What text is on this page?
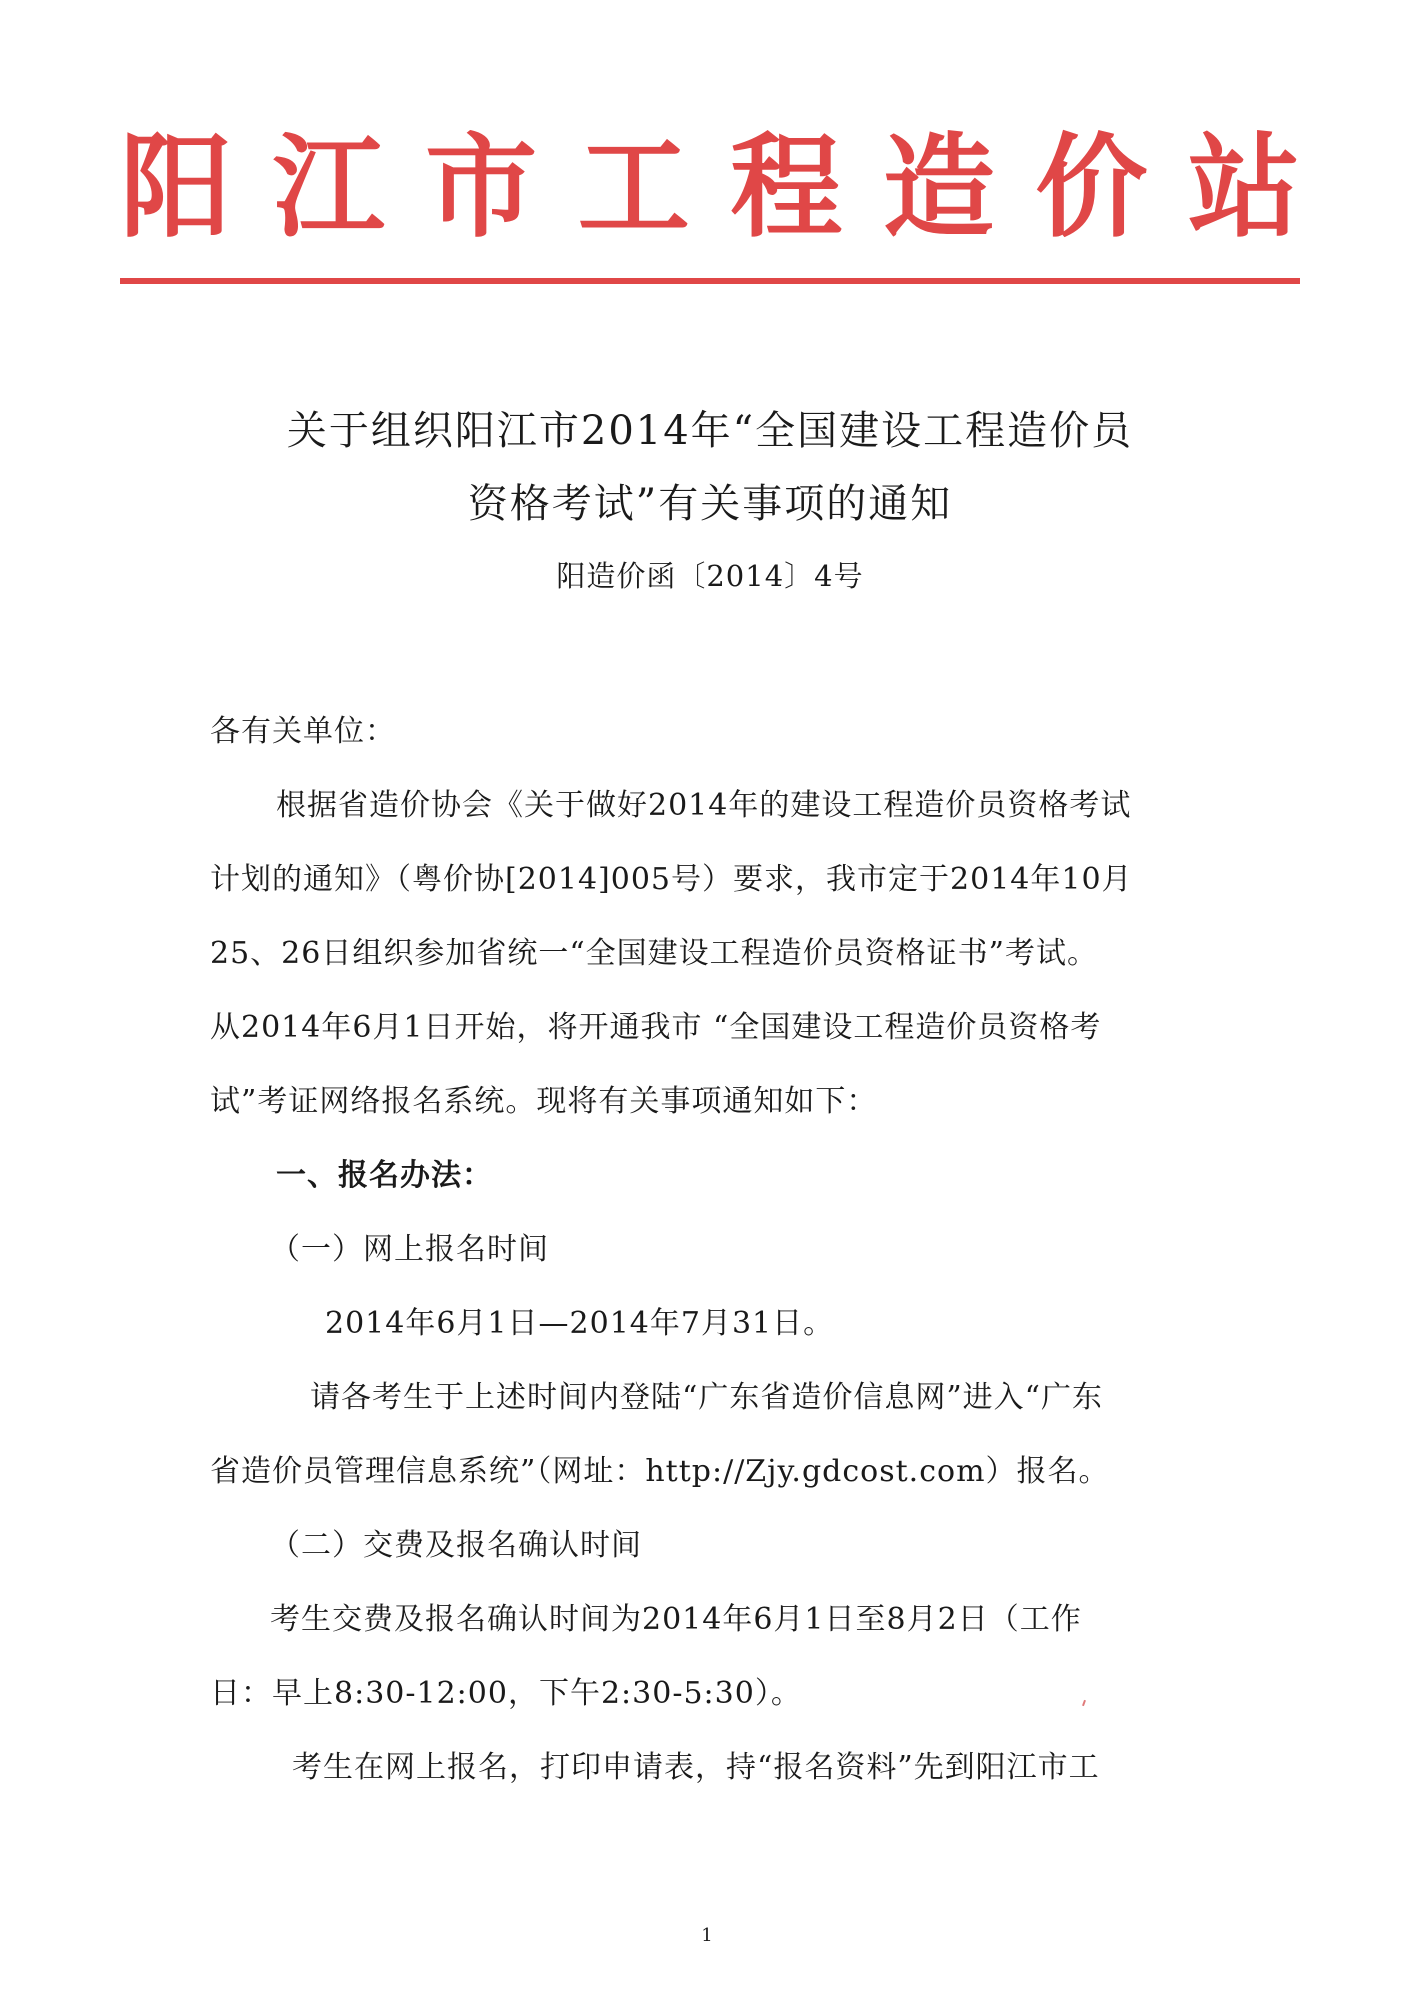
阳 江 市 工 程 造 价 站
关于组织阳江市2014年“全国建设工程造价员
资格考试”有关事项的通知
阳造价函〔2014〕4号
各有关单位：
根据省造价协会《关于做好2014年的建设工程造价员资格考试
计划的通知》（粤价协[2014]005号）要求，我市定于2014年10月
25、26日组织参加省统一“全国建设工程造价员资格证书”考试。
从2014年6月1日开始，将开通我市 “全国建设工程造价员资格考
试”考证网络报名系统。现将有关事项通知如下：
一、报名办法：
（一）网上报名时间
2014年6月1日—2014年7月31日。
请各考生于上述时间内登陆“广东省造价信息网”进入“广东
省造价员管理信息系统”（网址：http://Zjy.gdcost.com）报名。
（二）交费及报名确认时间
考生交费及报名确认时间为2014年6月1日至8月2日（工作
日：早上8:30-12:00，下午2:30-5:30）。
考生在网上报名，打印申请表，持“报名资料”先到阳江市工
1
